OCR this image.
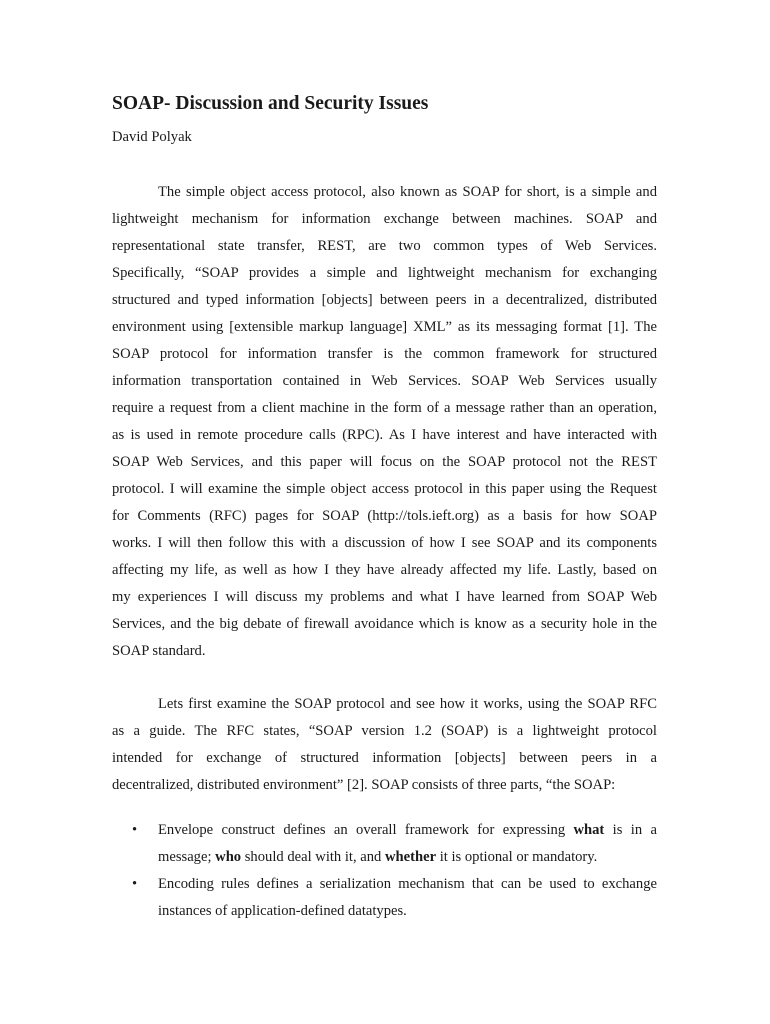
SOAP- Discussion and Security Issues
David Polyak

The simple object access protocol, also known as SOAP for short, is a simple and
lightweight mechanism for information exchange between machines. SOAP and
representational state transfer, REST, are two common types of Web Services.
Specifically, “SOAP provides a simple and lightweight mechanism for exchanging
structured and typed information [objects] between peers in a decentralized, distributed
environment using [extensible markup language] XML” as its messaging format [1]. The
SOAP protocol for information transfer is the common framework for structured
information transportation contained in Web Services. SOAP Web Services usually
require a request from a client machine in the form of a message rather than an operation,
as is used in remote procedure calls (RPC). As I have interest and have interacted with
SOAP Web Services, and this paper will focus on the SOAP protocol not the REST
protocol. I will examine the simple object access protocol in this paper using the Request
for Comments (RFC) pages for SOAP (http://tols.ieft.org) as a basis for how SOAP
works. I will then follow this with a discussion of how I see SOAP and its components
affecting my life, as well as how I they have already affected my life. Lastly, based on
my experiences I will discuss my problems and what I have learned from SOAP Web
Services, and the big debate of firewall avoidance which is know as a security hole in the
SOAP standard.

Lets first examine the SOAP protocol and see how it works, using the SOAP RFC
as a guide. The RFC states, “SOAP version 1.2 (SOAP) is a lightweight protocol
intended for exchange of structured information [objects] between peers in a
decentralized, distributed environment” [2]. SOAP consists of three parts, “the SOAP:

• Envelope construct defines an overall framework for expressing what is in a
message; who should deal with it, and whether it is optional or mandatory.
• Encoding rules defines a serialization mechanism that can be used to exchange
instances of application-defined datatypes.
